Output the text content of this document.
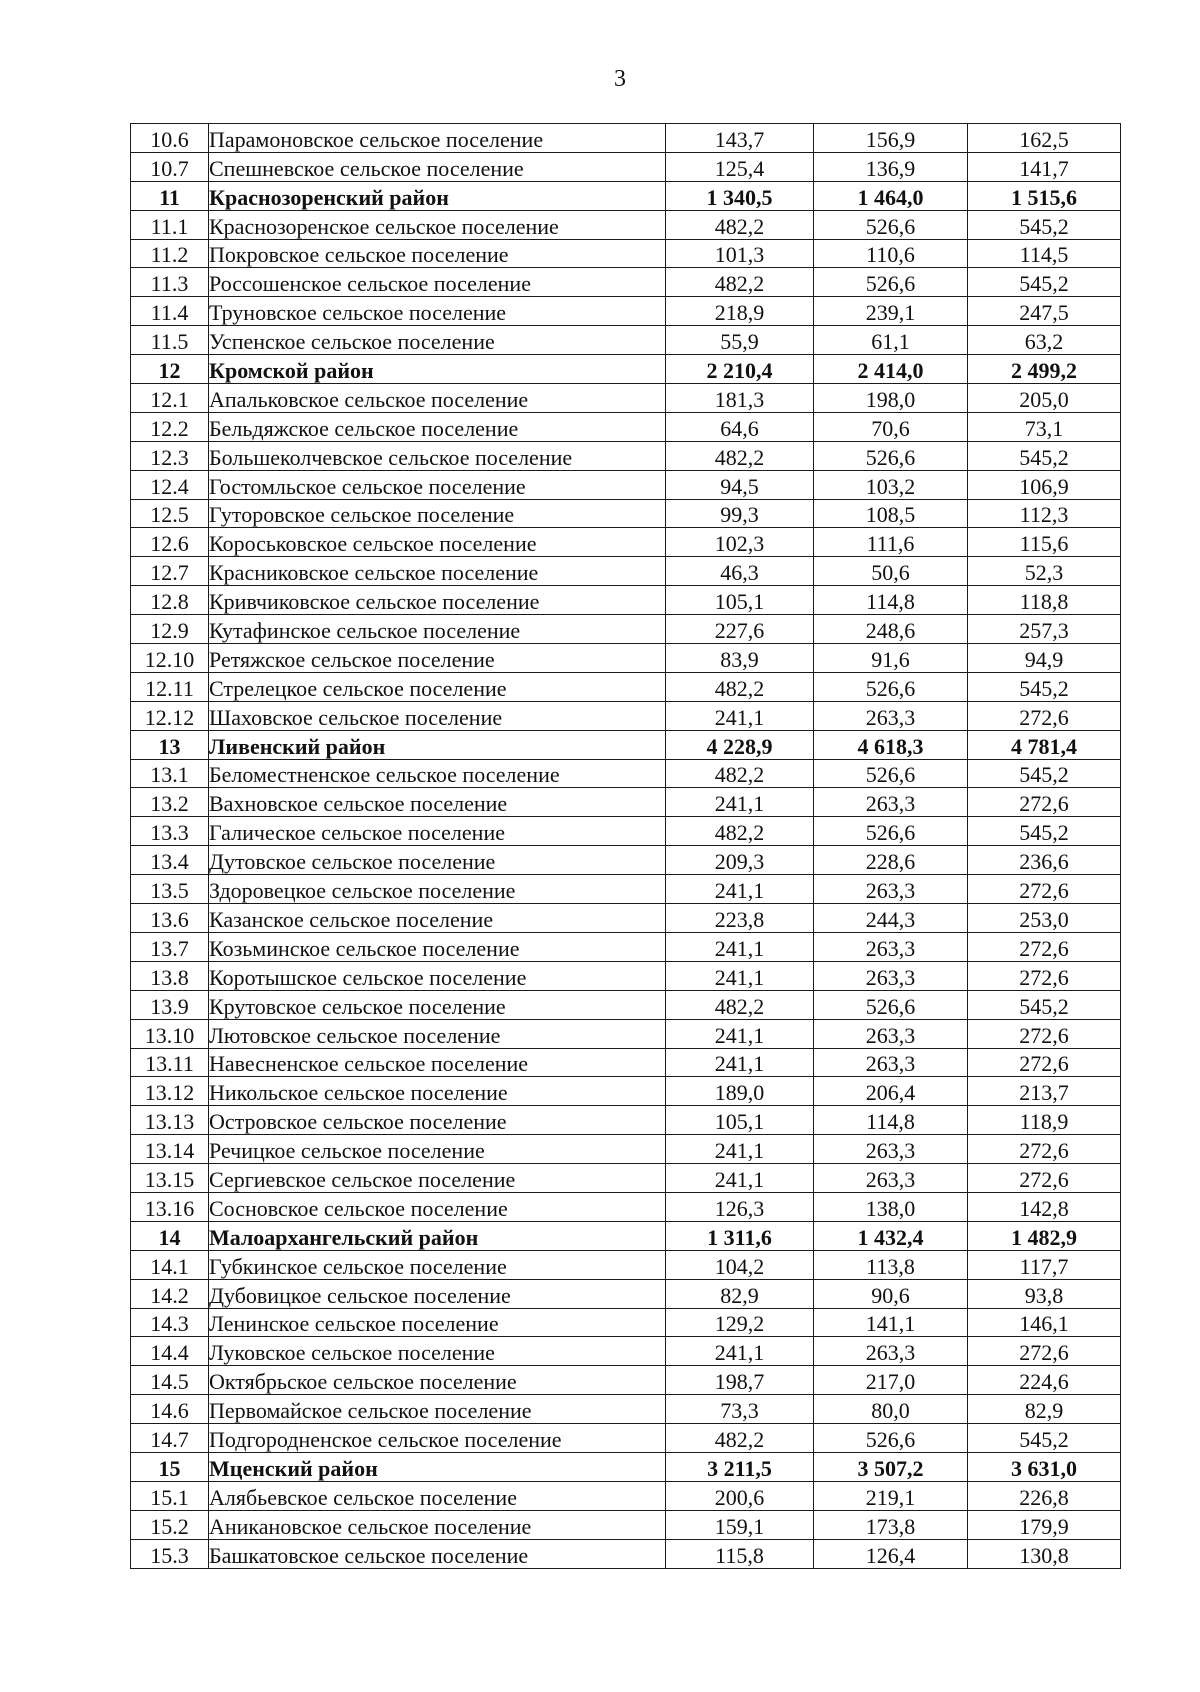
3
10.6	Парамоновское сельское поселение	143,7	156,9	162,5
10.7	Спешневское сельское поселение	125,4	136,9	141,7
11	Краснозоренский район	1 340,5	1 464,0	1 515,6
11.1	Краснозоренское сельское поселение	482,2	526,6	545,2
11.2	Покровское сельское поселение	101,3	110,6	114,5
11.3	Россошенское сельское поселение	482,2	526,6	545,2
11.4	Труновское сельское поселение	218,9	239,1	247,5
11.5	Успенское сельское поселение	55,9	61,1	63,2
12	Кромской район	2 210,4	2 414,0	2 499,2
12.1	Апальковское сельское поселение	181,3	198,0	205,0
12.2	Бельдяжское сельское поселение	64,6	70,6	73,1
12.3	Большеколчевское сельское поселение	482,2	526,6	545,2
12.4	Гостомльское сельское поселение	94,5	103,2	106,9
12.5	Гуторовское сельское поселение	99,3	108,5	112,3
12.6	Короськовское сельское поселение	102,3	111,6	115,6
12.7	Красниковское сельское поселение	46,3	50,6	52,3
12.8	Кривчиковское сельское поселение	105,1	114,8	118,8
12.9	Кутафинское сельское поселение	227,6	248,6	257,3
12.10	Ретяжское сельское поселение	83,9	91,6	94,9
12.11	Стрелецкое сельское поселение	482,2	526,6	545,2
12.12	Шаховское сельское поселение	241,1	263,3	272,6
13	Ливенский район	4 228,9	4 618,3	4 781,4
13.1	Беломестненское сельское поселение	482,2	526,6	545,2
13.2	Вахновское сельское поселение	241,1	263,3	272,6
13.3	Галическое сельское поселение	482,2	526,6	545,2
13.4	Дутовское сельское поселение	209,3	228,6	236,6
13.5	Здоровецкое сельское поселение	241,1	263,3	272,6
13.6	Казанское сельское поселение	223,8	244,3	253,0
13.7	Козьминское сельское поселение	241,1	263,3	272,6
13.8	Коротышское сельское поселение	241,1	263,3	272,6
13.9	Крутовское сельское поселение	482,2	526,6	545,2
13.10	Лютовское сельское поселение	241,1	263,3	272,6
13.11	Навесненское сельское поселение	241,1	263,3	272,6
13.12	Никольское сельское поселение	189,0	206,4	213,7
13.13	Островское сельское поселение	105,1	114,8	118,9
13.14	Речицкое сельское поселение	241,1	263,3	272,6
13.15	Сергиевское сельское поселение	241,1	263,3	272,6
13.16	Сосновское сельское поселение	126,3	138,0	142,8
14	Малоархангельский район	1 311,6	1 432,4	1 482,9
14.1	Губкинское сельское поселение	104,2	113,8	117,7
14.2	Дубовицкое сельское поселение	82,9	90,6	93,8
14.3	Ленинское сельское поселение	129,2	141,1	146,1
14.4	Луковское сельское поселение	241,1	263,3	272,6
14.5	Октябрьское сельское поселение	198,7	217,0	224,6
14.6	Первомайское сельское поселение	73,3	80,0	82,9
14.7	Подгородненское сельское поселение	482,2	526,6	545,2
15	Мценский район	3 211,5	3 507,2	3 631,0
15.1	Алябьевское сельское поселение	200,6	219,1	226,8
15.2	Аникановское сельское поселение	159,1	173,8	179,9
15.3	Башкатовское сельское поселение	115,8	126,4	130,8
